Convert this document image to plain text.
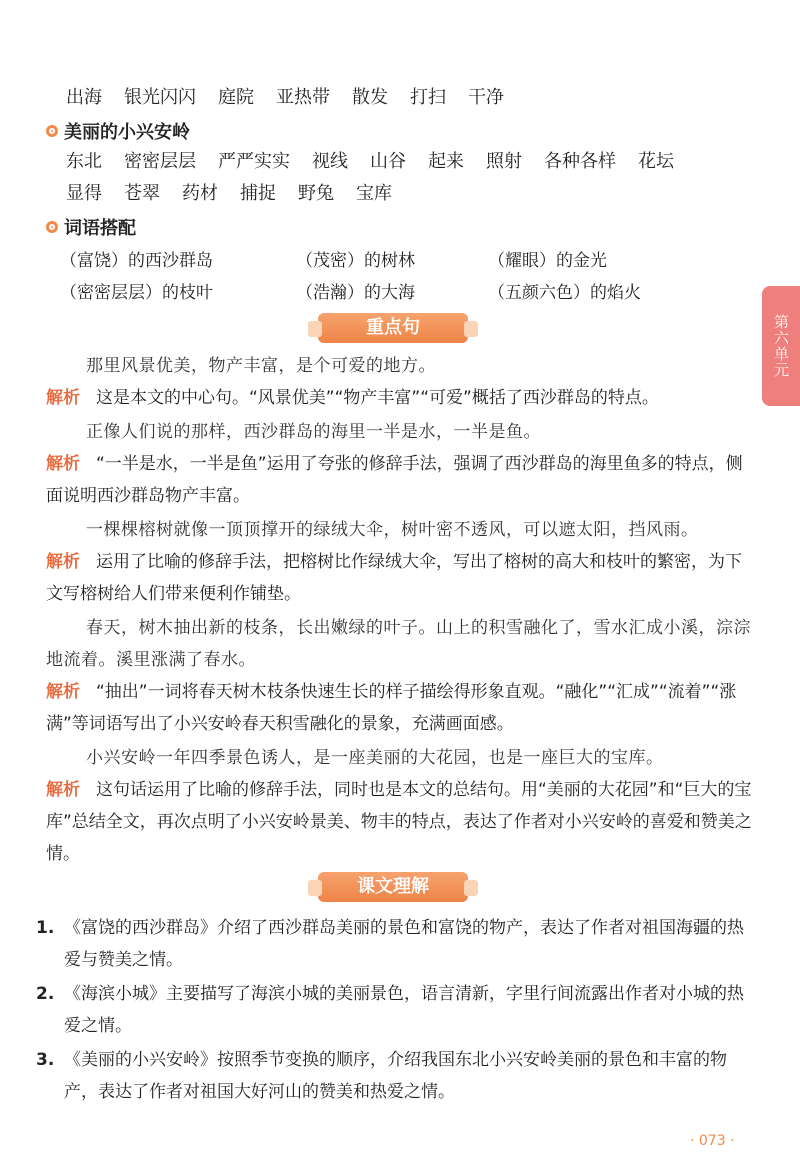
出海 银光闪闪 庭院 亚热带 散发 打扫 干净
美丽的小兴安岭
东北 密密层层 严严实实 视线 山谷 起来 照射 各种各样 花坛
显得 苍翠 药材 捕捉 野兔 宝库
词语搭配
（富饶）的西沙群岛	（茂密）的树林	（耀眼）的金光
（密密层层）的枝叶	（浩瀚）的大海	（五颜六色）的焰火
重点句	第六单元
那里风景优美，物产丰富，是个可爱的地方。
解析 这是本文的中心句。“风景优美”“物产丰富”“可爱”概括了西沙群岛的特点。
正像人们说的那样，西沙群岛的海里一半是水，一半是鱼。
解析 “一半是水，一半是鱼”运用了夸张的修辞手法，强调了西沙群岛的海里鱼多的特点，侧面说明西沙群岛物产丰富。
一棵棵榕树就像一顶顶撑开的绿绒大伞，树叶密不透风，可以遮太阳，挡风雨。
解析 运用了比喻的修辞手法，把榕树比作绿绒大伞，写出了榕树的高大和枝叶的繁密，为下文写榕树给人们带来便利作铺垫。
春天，树木抽出新的枝条，长出嫩绿的叶子。山上的积雪融化了，雪水汇成小溪，淙淙地流着。溪里涨满了春水。
解析 “抽出”一词将春天树木枝条快速生长的样子描绘得形象直观。“融化”“汇成”“流着”“涨满”等词语写出了小兴安岭春天积雪融化的景象，充满画面感。
小兴安岭一年四季景色诱人，是一座美丽的大花园，也是一座巨大的宝库。
解析 这句话运用了比喻的修辞手法，同时也是本文的总结句。用“美丽的大花园”和“巨大的宝库”总结全文，再次点明了小兴安岭景美、物丰的特点，表达了作者对小兴安岭的喜爱和赞美之情。
课文理解
1. 《富饶的西沙群岛》介绍了西沙群岛美丽的景色和富饶的物产，表达了作者对祖国海疆的热爱与赞美之情。
2. 《海滨小城》主要描写了海滨小城的美丽景色，语言清新，字里行间流露出作者对小城的热爱之情。
3. 《美丽的小兴安岭》按照季节变换的顺序，介绍我国东北小兴安岭美丽的景色和丰富的物产，表达了作者对祖国大好河山的赞美和热爱之情。
· 073 ·
